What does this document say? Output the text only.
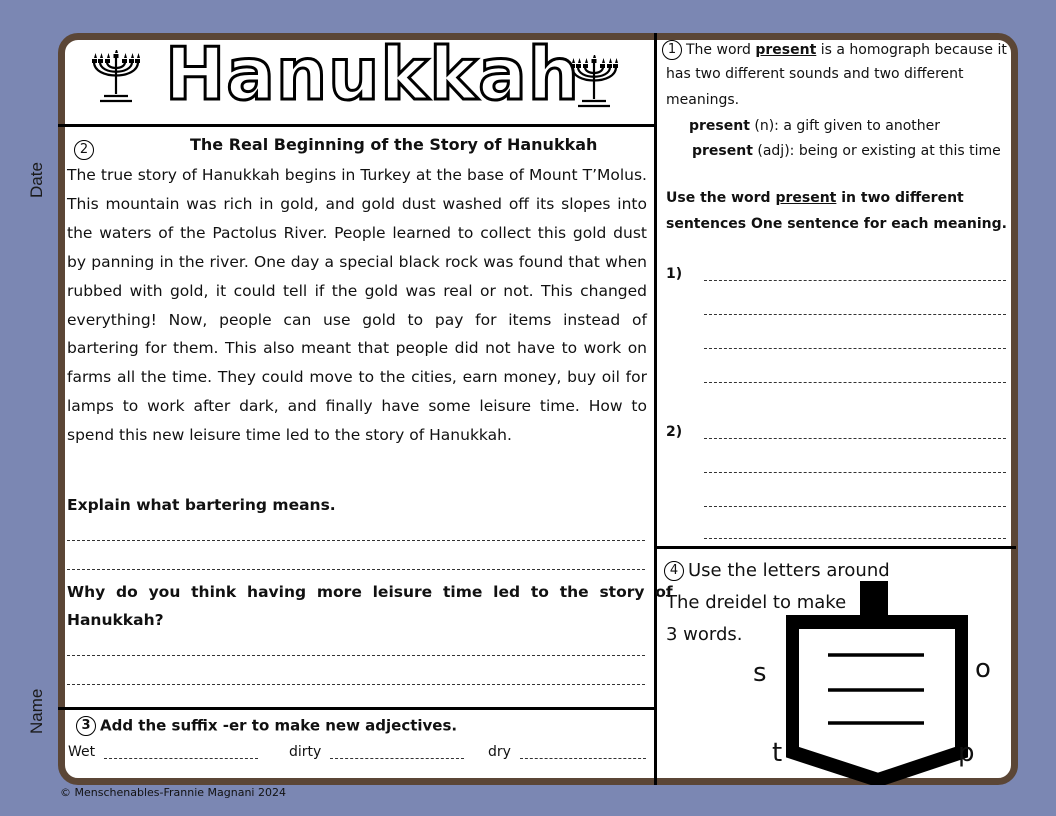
Date
Name
Hanukkah
2	The Real Beginning of the Story of Hanukkah
The true story of Hanukkah begins in Turkey at the base of Mount T’Molus. This mountain was rich in gold, and gold dust washed off its slopes into the waters of the Pactolus River. People learned to collect this gold dust by panning in the river. One day a special black rock was found that when rubbed with gold, it could tell if the gold was real or not. This changed everything! Now, people can use gold to pay for items instead of bartering for them. This also meant that people did not have to work on farms all the time. They could move to the cities, earn money, buy oil for lamps to work after dark, and finally have some leisure time. How to spend this new leisure time led to the story of Hanukkah.
Explain what bartering means.
Why  do  you  think  having  more  leisure  time  led  to  the  story  of
Hanukkah?
3 Add the suffix -er to make new adjectives.
Wet	dirty	dry
1 The word present is a homograph because it
has two different sounds and two different
meanings.
present (n): a gift given to another
present (adj): being or existing at this time
Use the word present in two different
sentences One sentence for each meaning.
1)
2)
4 Use the letters around
The dreidel to make
3 words.
s	o
t	p
© Menschenables-Frannie Magnani 2024
